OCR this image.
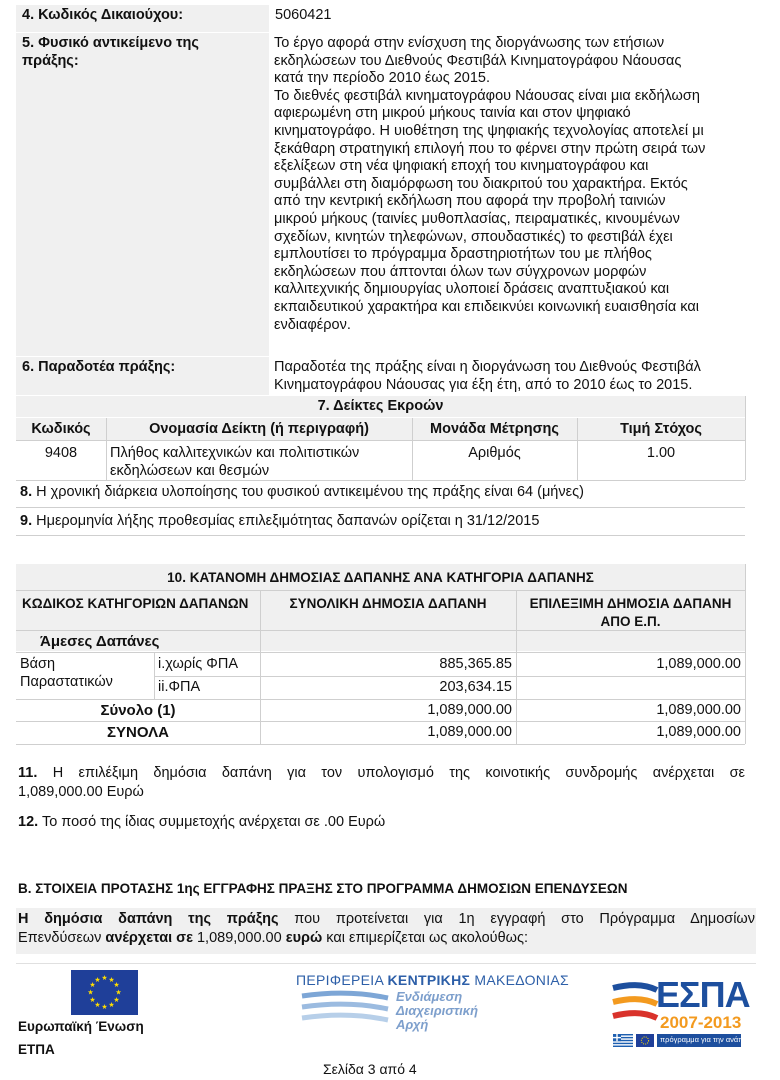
4. Κωδικός Δικαιούχου:	5060421
5. Φυσικό αντικείμενο της πράξης:
Το έργο αφορά στην ενίσχυση της διοργάνωσης των ετήσιων
εκδηλώσεων του Διεθνούς Φεστιβάλ Κινηματογράφου Νάουσας
κατά την περίοδο 2010 έως 2015.
Το διεθνές φεστιβάλ κινηματογράφου Νάουσας είναι μια εκδήλωση
αφιερωμένη στη μικρού μήκους ταινία και στον ψηφιακό
κινηματογράφο. Η υιοθέτηση της ψηφιακής τεχνολογίας αποτελεί μι
ξεκάθαρη στρατηγική επιλογή που το φέρνει στην πρώτη σειρά των
εξελίξεων στη νέα ψηφιακή εποχή του κινηματογράφου και
συμβάλλει στη διαμόρφωση του διακριτού του χαρακτήρα. Εκτός
από την κεντρική εκδήλωση που αφορά την προβολή ταινιών
μικρού μήκους (ταινίες μυθοπλασίας, πειραματικές, κινουμένων
σχεδίων, κινητών τηλεφώνων, σπουδαστικές) το φεστιβάλ έχει
εμπλουτίσει το πρόγραμμα δραστηριοτήτων του με πλήθος
εκδηλώσεων που άπτονται όλων των σύγχρονων μορφών
καλλιτεχνικής δημιουργίας υλοποιεί δράσεις αναπτυξιακού και
εκπαιδευτικού χαρακτήρα και επιδεικνύει κοινωνική ευαισθησία και
ενδιαφέρον.
6. Παραδοτέα πράξης:	Παραδοτέα της πράξης είναι η διοργάνωση του Διεθνούς Φεστιβάλ
Κινηματογράφου Νάουσας για έξη έτη, από το 2010 έως το 2015.
7. Δείκτες Εκροών
Κωδικός	Ονομασία Δείκτη (ή περιγραφή)	Μονάδα Μέτρησης	Τιμή Στόχος
9408	Πλήθος καλλιτεχνικών και πολιτιστικών
εκδηλώσεων και θεσμών
Αριθμός	1.00
8. Η χρονική διάρκεια υλοποίησης του φυσικού αντικειμένου της πράξης είναι 64 (μήνες)
9. Ημερομηνία λήξης προθεσμίας επιλεξιμότητας δαπανών ορίζεται η 31/12/2015
10. ΚΑΤΑΝΟΜΗ ΔΗΜΟΣΙΑΣ ΔΑΠΑΝΗΣ ΑΝΑ ΚΑΤΗΓΟΡΙΑ ΔΑΠΑΝΗΣ
ΚΩΔΙΚΟΣ ΚΑΤΗΓΟΡΙΩΝ ΔΑΠΑΝΩΝ	ΣΥΝΟΛΙΚΗ ΔΗΜΟΣΙΑ ΔΑΠΑΝΗ	ΕΠΙΛΕΞΙΜΗ ΔΗΜΟΣΙΑ ΔΑΠΑΝΗ
ΑΠΟ Ε.Π.
Άμεσες Δαπάνες
Βάση
Παραστατικών
i.χωρίς ΦΠΑ	885,365.85	1,089,000.00
ii.ΦΠΑ	203,634.15
Σύνολο (1)	1,089,000.00	1,089,000.00
ΣΥΝΟΛΑ	1,089,000.00	1,089,000.00
11. Η επιλέξιμη δημόσια δαπάνη για τον υπολογισμό της κοινοτικής συνδρομής ανέρχεται σε
1,089,000.00 Ευρώ
12. Το ποσό της ίδιας συμμετοχής ανέρχεται σε .00 Ευρώ
Β. ΣΤΟΙΧΕΙΑ ΠΡΟΤΑΣΗΣ 1ης ΕΓΓΡΑΦΗΣ ΠΡΑΞΗΣ ΣΤΟ ΠΡΟΓΡΑΜΜΑ ΔΗΜΟΣΙΩΝ ΕΠΕΝΔΥΣΕΩΝ
Η δημόσια δαπάνη της πράξης που προτείνεται για 1η εγγραφή στο Πρόγραμμα Δημοσίων
Επενδύσεων ανέρχεται σε 1,089,000.00 ευρώ και επιμερίζεται ως ακολούθως:
★ ★
★
★
★
★
★
★
★
★
★
★
Ευρωπαϊκή Ένωση
ΕΤΠΑ
ΠΕΡΙΦΕΡΕΙΑ ΚΕΝΤΡΙΚΗΣ ΜΑΚΕΔΟΝΙΑΣ
Ενδιάμεση
Διαχειριστική
Αρχή
ΕΣΠΑ
2007-2013
πρόγραμμα για την ανάπτυξη
Σελίδα 3 από 4
